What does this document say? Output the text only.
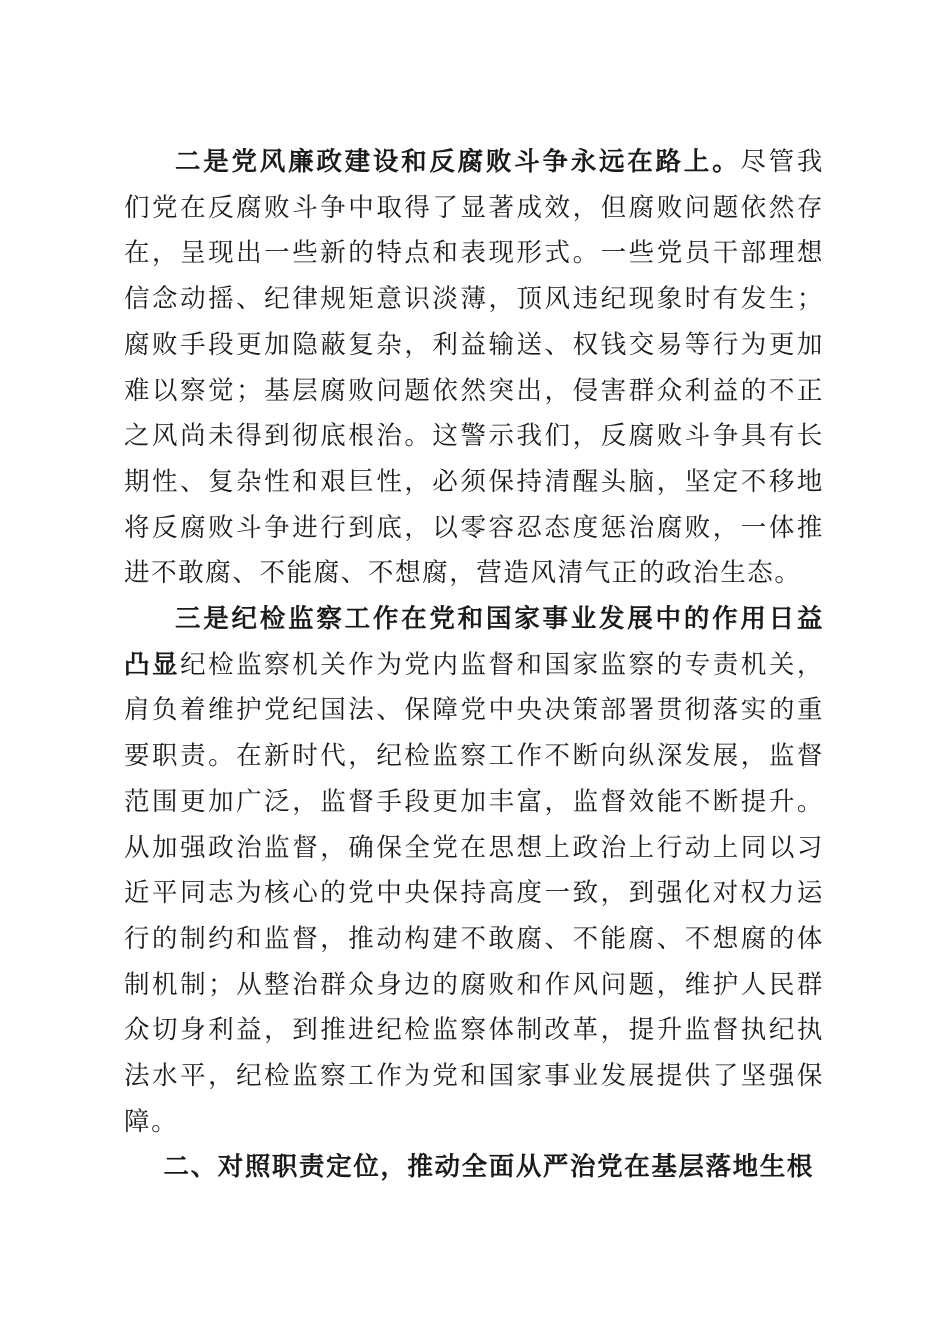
二是党风廉政建设和反腐败斗争永远在路上。尽管我们党在反腐败斗争中取得了显著成效，但腐败问题依然存在，呈现出一些新的特点和表现形式。一些党员干部理想信念动摇、纪律规矩意识淡薄，顶风违纪现象时有发生；腐败手段更加隐蔽复杂，利益输送、权钱交易等行为更加难以察觉；基层腐败问题依然突出，侵害群众利益的不正之风尚未得到彻底根治。这警示我们，反腐败斗争具有长期性、复杂性和艰巨性，必须保持清醒头脑，坚定不移地将反腐败斗争进行到底，以零容忍态度惩治腐败，一体推进不敢腐、不能腐、不想腐，营造风清气正的政治生态。

三是纪检监察工作在党和国家事业发展中的作用日益凸显纪检监察机关作为党内监督和国家监察的专责机关，肩负着维护党纪国法、保障党中央决策部署贯彻落实的重要职责。在新时代，纪检监察工作不断向纵深发展，监督范围更加广泛，监督手段更加丰富，监督效能不断提升。从加强政治监督，确保全党在思想上政治上行动上同以习近平同志为核心的党中央保持高度一致，到强化对权力运行的制约和监督，推动构建不敢腐、不能腐、不想腐的体制机制；从整治群众身边的腐败和作风问题，维护人民群众切身利益，到推进纪检监察体制改革，提升监督执纪执法水平，纪检监察工作为党和国家事业发展提供了坚强保障。

二、对照职责定位，推动全面从严治党在基层落地生根
